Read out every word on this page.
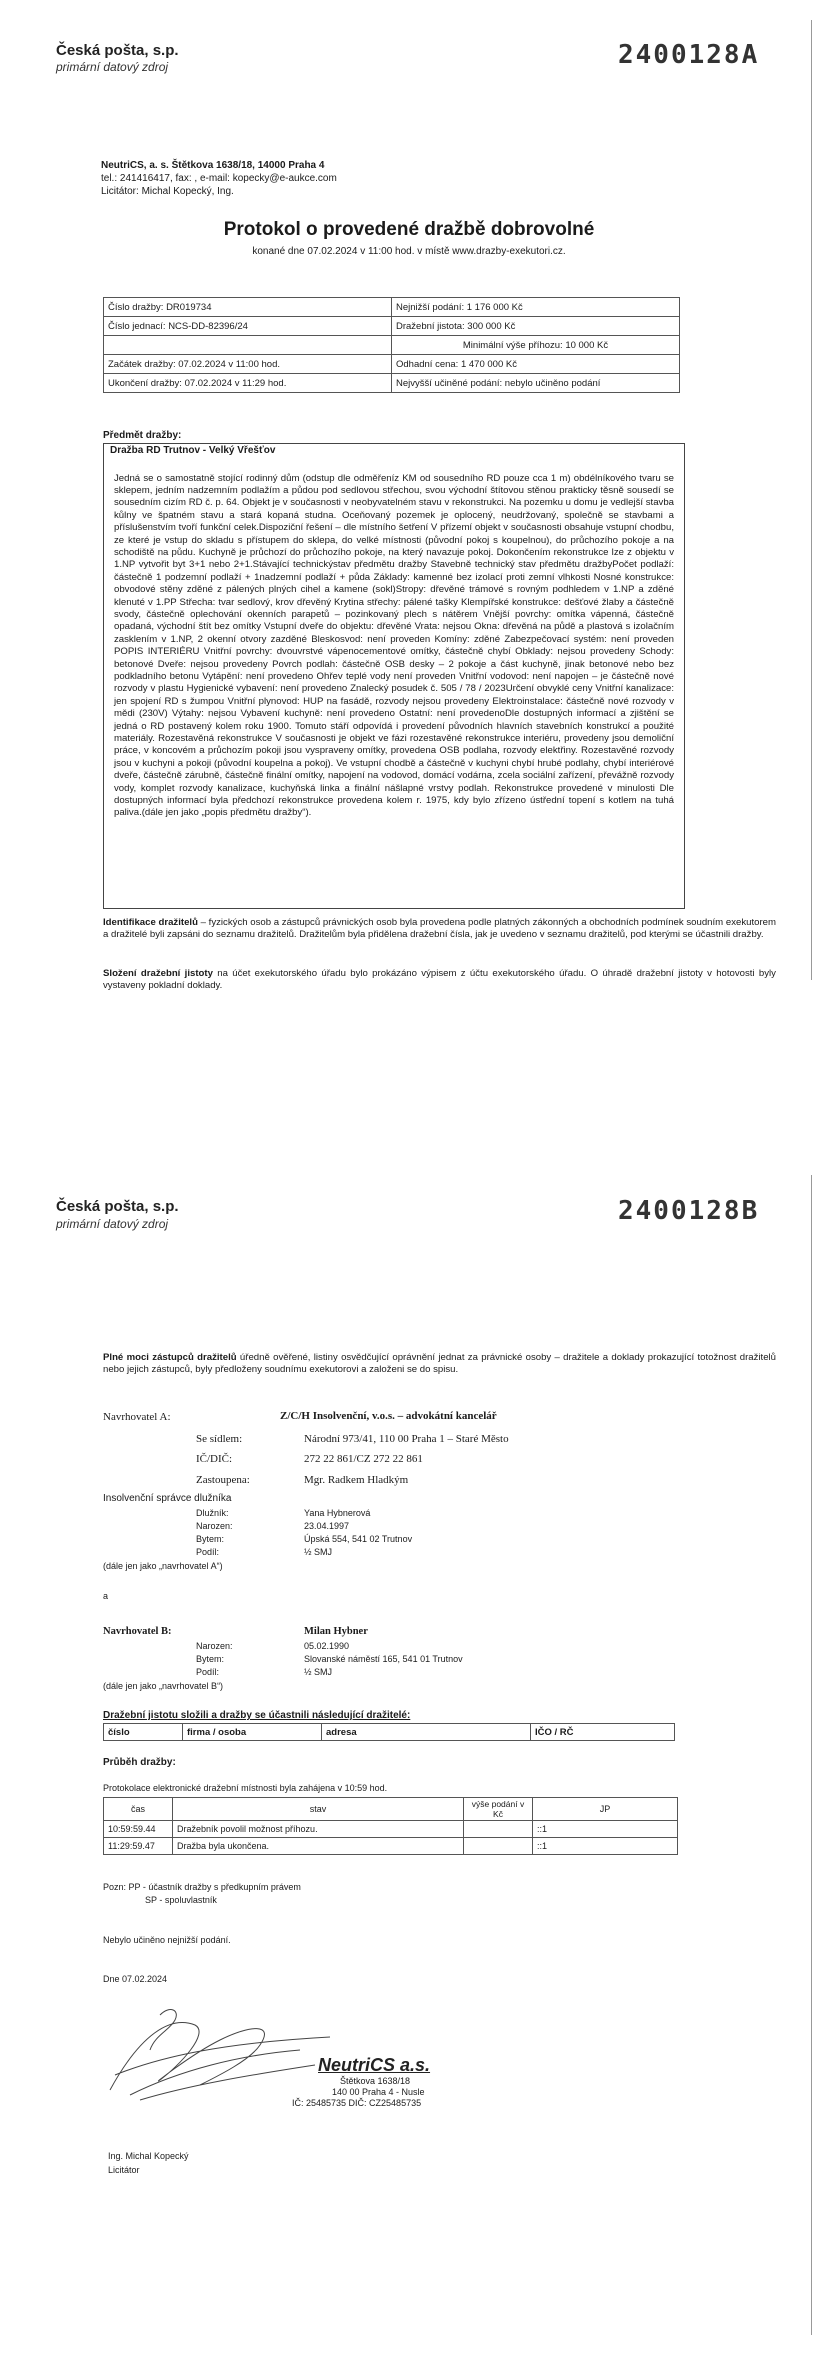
Česká pošta, s.p.
primární datový zdroj	2400128A
NeutriCS, a. s. Štětkova 1638/18, 14000 Praha 4
tel.: 241416417, fax: , e-mail: kopecky@e-aukce.com
Licitátor: Michal Kopecký, Ing.
Protokol o provedené dražbě dobrovolné
konané dne 07.02.2024 v 11:00 hod. v místě www.drazby-exekutori.cz.
Číslo dražby: DR019734	Nejnižší podání: 1 176 000 Kč
Číslo jednací: NCS-DD-82396/24	Dražební jistota: 300 000 Kč
	Minimální výše příhozu: 10 000 Kč
Začátek dražby: 07.02.2024 v 11:00 hod.	Odhadní cena: 1 470 000 Kč
Ukončení dražby: 07.02.2024 v 11:29 hod.	Nejvyšší učiněné podání: nebylo učiněno podání
Předmět dražby:
Dražba RD Trutnov - Velký Vřešťov
Jedná se o samostatně stojící rodinný dům (odstup dle odměřeníz KM od sousedního RD pouze cca 1 m) obdélníkového tvaru se sklepem, jedním nadzemním podlažím a půdou pod sedlovou střechou, svou východní štítovou stěnou prakticky těsně sousedí se sousedním cizím RD č. p. 64. Objekt je v současnosti v neobyvatelném stavu v rekonstrukci. Na pozemku u domu je vedlejší stavba kůlny ve špatném stavu a stará kopaná studna. Oceňovaný pozemek je oplocený, neudržovaný, společně se stavbami a příslušenstvím tvoří funkční celek.Dispoziční řešení – dle místního šetření V přízemí objekt v současnosti obsahuje vstupní chodbu, ze které je vstup do skladu s přístupem do sklepa, do velké místnosti (původní pokoj s koupelnou), do průchozího pokoje a na schodiště na půdu. Kuchyně je průchozí do průchozího pokoje, na který navazuje pokoj. Dokončením rekonstrukce lze z objektu v 1.NP vytvořit byt 3+1 nebo 2+1.Stávající technickýstav předmětu dražby Stavebně technický stav předmětu dražbyPočet podlaží: částečně 1 podzemní podlaží + 1nadzemní podlaží + půda Základy: kamenné bez izolací proti zemní vlhkosti Nosné konstrukce: obvodové stěny zděné z pálených plných cihel a kamene (sokl)Stropy: dřevěné trámové s rovným podhledem v 1.NP a zděné klenuté v 1.PP Střecha: tvar sedlový, krov dřevěný Krytina střechy: pálené tašky Klempířské konstrukce: dešťové žlaby a částečně svody, částečně oplechování okenních parapetů – pozinkovaný plech s nátěrem Vnější povrchy: omítka vápenná, částečně opadaná, východní štít bez omítky Vstupní dveře do objektu: dřevěné Vrata: nejsou Okna: dřevěná na půdě a plastová s izolačním zasklením v 1.NP, 2 okenní otvory zazděné Bleskosvod: není proveden Komíny: zděné Zabezpečovací systém: není proveden POPIS INTERIÉRU Vnitřní povrchy: dvouvrstvé vápenocementové omítky, částečně chybí Obklady: nejsou provedeny Schody: betonové Dveře: nejsou provedeny Povrch podlah: částečně OSB desky – 2 pokoje a část kuchyně, jinak betonové nebo bez podkladního betonu Vytápění: není provedeno Ohřev teplé vody není proveden Vnitřní vodovod: není napojen – je částečně nové rozvody v plastu Hygienické vybavení: není provedeno Znalecký posudek č. 505 / 78 / 2023Určení obvyklé ceny Vnitřní kanalizace: jen spojení RD s žumpou Vnitřní plynovod: HUP na fasádě, rozvody nejsou provedeny Elektroinstalace: částečně nové rozvody v mědi (230V) Výtahy: nejsou Vybavení kuchyně: není provedeno Ostatní: není provedenoDle dostupných informací a zjištění se jedná o RD postavený kolem roku 1900. Tomuto stáří odpovídá i provedení původních hlavních stavebních konstrukcí a použité materiály. Rozestavěná rekonstrukce V současnosti je objekt ve fázi rozestavěné rekonstrukce interiéru, provedeny jsou demoliční práce, v koncovém a průchozím pokoji jsou vyspraveny omítky, provedena OSB podlaha, rozvody elektřiny. Rozestavěné rozvody jsou v kuchyni a pokoji (původní koupelna a pokoj). Ve vstupní chodbě a částečně v kuchyni chybí hrubé podlahy, chybí interiérové dveře, částečně zárubně, částečně finální omítky, napojení na vodovod, domácí vodárna, zcela sociální zařízení, převážně rozvody vody, komplet rozvody kanalizace, kuchyňská linka a finální nášlapné vrstvy podlah. Rekonstrukce provedené v minulosti Dle dostupných informací byla předchozí rekonstrukce provedena kolem r. 1975, kdy bylo zřízeno ústřední topení s kotlem na tuhá paliva.(dále jen jako „popis předmětu dražby“).
Identifikace dražitelů – fyzických osob a zástupců právnických osob byla provedena podle platných zákonných a obchodních podmínek soudním exekutorem a dražitelé byli zapsáni do seznamu dražitelů. Dražitelům byla přidělena dražební čísla, jak je uvedeno v seznamu dražitelů, pod kterými se účastnili dražby.
Složení dražební jistoty na účet exekutorského úřadu bylo prokázáno výpisem z účtu exekutorského úřadu. O úhradě dražební jistoty v hotovosti byly vystaveny pokladní doklady.
Česká pošta, s.p.
primární datový zdroj	2400128B
Plné moci zástupců dražitelů úředně ověřené, listiny osvědčující oprávnění jednat za právnické osoby – dražitele a doklady prokazující totožnost dražitelů nebo jejich zástupců, byly předloženy soudnímu exekutorovi a založeni se do spisu.
Navrhovatel A:	Z/C/H Insolvenční, v.o.s. – advokátní kancelář
Se sídlem:	Národní 973/41, 110 00 Praha 1 – Staré Město
IČ/DIČ:	272 22 861/CZ 272 22 861
Zastoupena:	Mgr. Radkem Hladkým
Insolvenční správce dlužníka
Dlužník:	Yana Hybnerová
Narozen:	23.04.1997
Bytem:	Úpská 554, 541 02 Trutnov
Podíl:	½ SMJ
(dále jen jako „navrhovatel A“)
a
Navrhovatel B:	Milan Hybner
Narozen:	05.02.1990
Bytem:	Slovanské náměstí 165, 541 01 Trutnov
Podíl:	½ SMJ
(dále jen jako „navrhovatel B“)
Dražební jistotu složili a dražby se účastnili následující dražitelé:
číslo	firma / osoba	adresa	IČO / RČ
Průběh dražby:
Protokolace elektronické dražební místnosti byla zahájena v 10:59 hod.
čas	stav	výše podání v Kč	JP
10:59:59.44	Dražebník povolil možnost příhozu.		::1
11:29:59.47	Dražba byla ukončena.		::1
Pozn: PP - účastník dražby s předkupním právem
SP - spoluvlastník
Nebylo učiněno nejnižší podání.
Dne 07.02.2024
NeutriCS a.s.
Štětkova 1638/18
140 00 Praha 4 - Nusle
IČ: 25485735 DIČ: CZ25485735
Ing. Michal Kopecký
Licitátor
